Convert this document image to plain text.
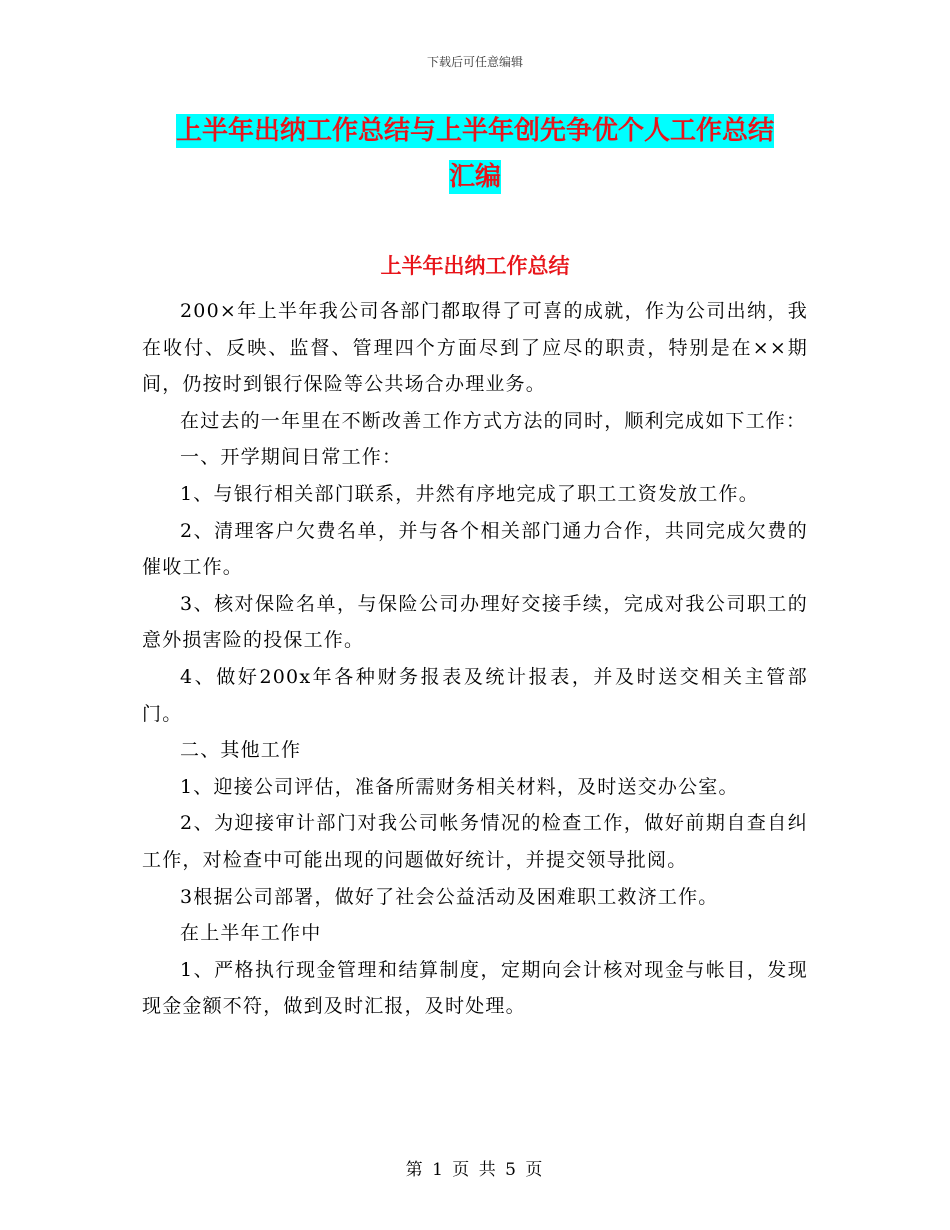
下载后可任意编辑
上半年出纳工作总结与上半年创先争优个人工作总结
汇编
上半年出纳工作总结

200×年上半年我公司各部门都取得了可喜的成就，作为公司出纳，我在收付、反映、监督、管理四个方面尽到了应尽的职责，特别是在××期间，仍按时到银行保险等公共场合办理业务。

在过去的一年里在不断改善工作方式方法的同时，顺利完成如下工作：

一、开学期间日常工作：

1、与银行相关部门联系，井然有序地完成了职工工资发放工作。

2、清理客户欠费名单，并与各个相关部门通力合作，共同完成欠费的催收工作。

3、核对保险名单，与保险公司办理好交接手续，完成对我公司职工的意外损害险的投保工作。

4、做好200x年各种财务报表及统计报表，并及时送交相关主管部门。

二、其他工作

1、迎接公司评估，准备所需财务相关材料，及时送交办公室。

2、为迎接审计部门对我公司帐务情况的检查工作，做好前期自查自纠工作，对检查中可能出现的问题做好统计，并提交领导批阅。

3根据公司部署，做好了社会公益活动及困难职工救济工作。

在上半年工作中

1、严格执行现金管理和结算制度，定期向会计核对现金与帐目，发现现金金额不符，做到及时汇报，及时处理。

第 1 页 共 5 页
